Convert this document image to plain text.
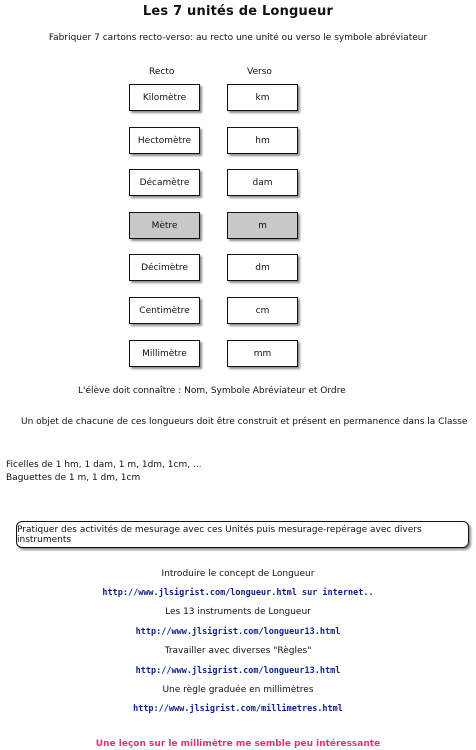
Les 7 unités de Longueur
Fabriquer 7 cartons recto-verso: au recto une unité ou verso le symbole abréviateur
Recto	Verso
Kilomètre	km
Hectomètre	hm
Décamètre	dam
Mètre	m
Décimètre	dm
Centimètre	cm
Millimètre	mm
L'élève doit connaître : Nom, Symbole Abréviateur et Ordre
Un objet de chacune de ces longueurs doit être construit et présent en permanence dans la Classe
Ficelles de 1 hm, 1 dam, 1 m, 1dm, 1cm, ...
Baguettes de 1 m, 1 dm, 1cm
Pratiquer des activités de mesurage avec ces Unités puis mesurage-repérage avec divers instruments
Introduire le concept de Longueur
http://www.jlsigrist.com/longueur.html sur internet..
Les 13 instruments de Longueur
http://www.jlsigrist.com/longueur13.html
Travailler avec diverses "Règles"
http://www.jlsigrist.com/longueur13.html
Une règle graduée en millimètres
http://www.jlsigrist.com/millimetres.html
Une leçon sur le millimètre me semble peu intéressante
